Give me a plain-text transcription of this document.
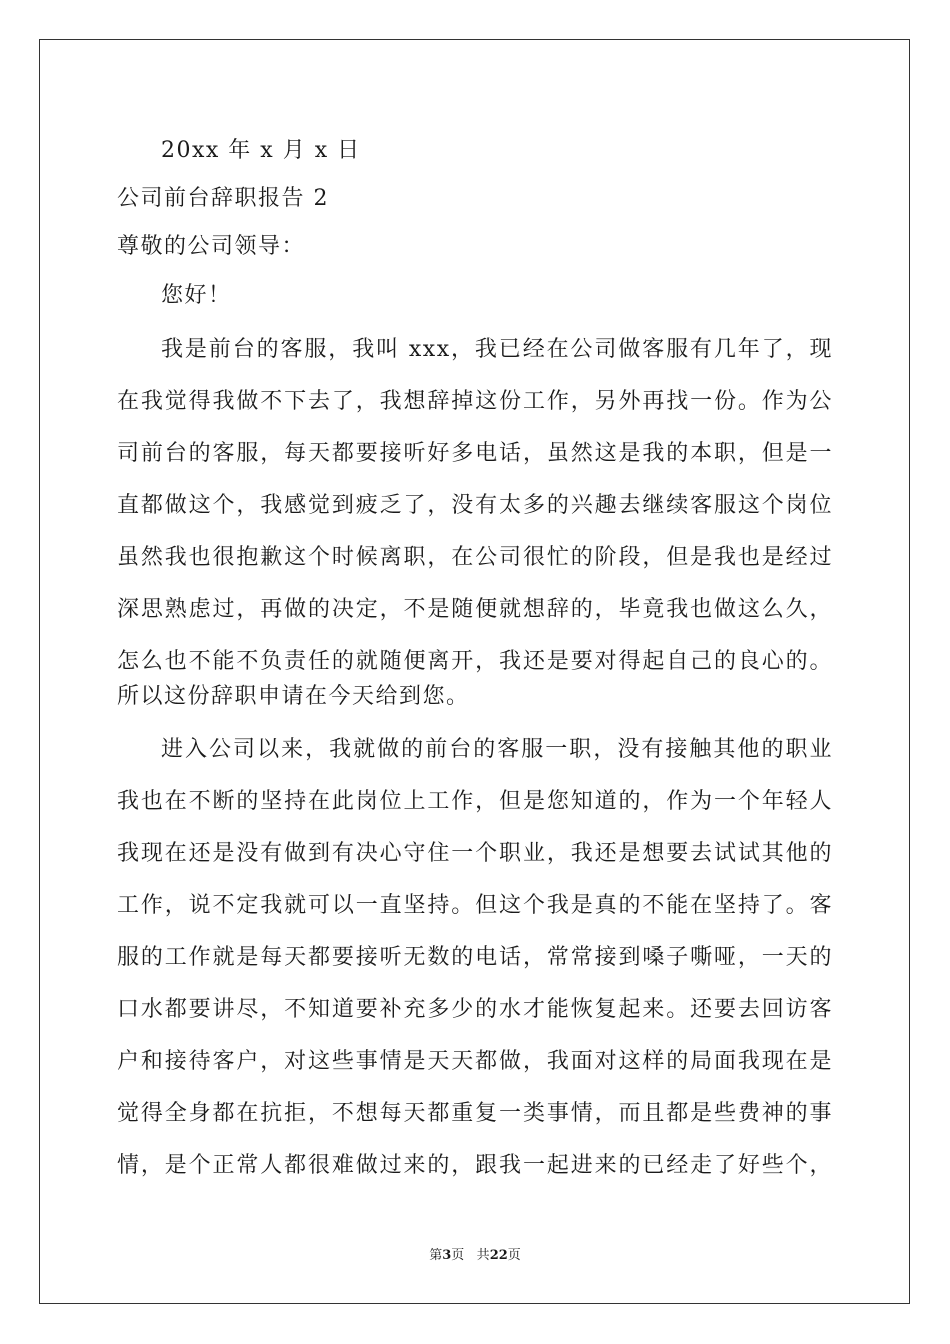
20xx 年 x 月 x 日
公司前台辞职报告 2
尊敬的公司领导：
您好！
我是前台的客服，我叫 xxx，我已经在公司做客服有几年了，现
在我觉得我做不下去了，我想辞掉这份工作，另外再找一份。作为公
司前台的客服，每天都要接听好多电话，虽然这是我的本职，但是一
直都做这个，我感觉到疲乏了，没有太多的兴趣去继续客服这个岗位
虽然我也很抱歉这个时候离职，在公司很忙的阶段，但是我也是经过
深思熟虑过，再做的决定，不是随便就想辞的，毕竟我也做这么久，
怎么也不能不负责任的就随便离开，我还是要对得起自己的良心的。
所以这份辞职申请在今天给到您。
进入公司以来，我就做的前台的客服一职，没有接触其他的职业
我也在不断的坚持在此岗位上工作，但是您知道的，作为一个年轻人
我现在还是没有做到有决心守住一个职业，我还是想要去试试其他的
工作，说不定我就可以一直坚持。但这个我是真的不能在坚持了。客
服的工作就是每天都要接听无数的电话，常常接到嗓子嘶哑，一天的
口水都要讲尽，不知道要补充多少的水才能恢复起来。还要去回访客
户和接待客户，对这些事情是天天都做，我面对这样的局面我现在是
觉得全身都在抗拒，不想每天都重复一类事情，而且都是些费神的事
情，是个正常人都很难做过来的，跟我一起进来的已经走了好些个，
第3页 共22页
